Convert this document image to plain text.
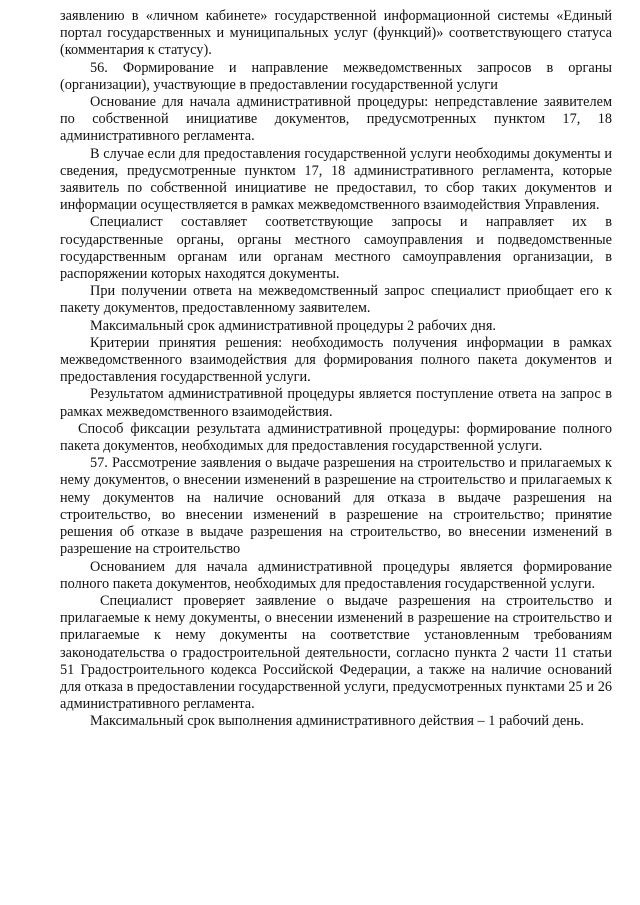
заявлению в «личном кабинете» государственной информационной системы «Единый портал государственных и муниципальных услуг (функций)» соответствующего статуса (комментария к статусу).

56. Формирование и направление межведомственных запросов в органы (организации), участвующие в предоставлении государственной услуги

Основание для начала административной процедуры: непредставление заявителем по собственной инициативе документов, предусмотренных пунктом 17, 18 административного регламента.

В случае если для предоставления государственной услуги необходимы документы и сведения, предусмотренные пунктом 17, 18 административного регламента, которые заявитель по собственной инициативе не предоставил, то сбор таких документов и информации осуществляется в рамках межведомственного взаимодействия Управления.

Специалист составляет соответствующие запросы и направляет их в государственные органы, органы местного самоуправления и подведомственные государственным органам или органам местного самоуправления организации, в распоряжении которых находятся документы.

При получении ответа на межведомственный запрос специалист приобщает его к пакету документов, предоставленному заявителем.

Максимальный срок административной процедуры 2 рабочих дня.

Критерии принятия решения: необходимость получения информации в рамках межведомственного взаимодействия для формирования полного пакета документов и предоставления государственной услуги.

Результатом административной процедуры является поступление ответа на запрос в рамках межведомственного взаимодействия.

Способ фиксации результата административной процедуры: формирование полного пакета документов, необходимых для предоставления государственной услуги.

57. Рассмотрение заявления о выдаче разрешения на строительство и прилагаемых к нему документов, о внесении изменений в разрешение на строительство и прилагаемых к нему документов на наличие оснований для отказа в выдаче разрешения на строительство, во внесении изменений в разрешение на строительство; принятие решения об отказе в выдаче разрешения на строительство, во внесении изменений в разрешение на строительство

Основанием для начала административной процедуры является формирование полного пакета документов, необходимых для предоставления государственной услуги.

Специалист проверяет заявление о выдаче разрешения на строительство и прилагаемые к нему документы, о внесении изменений в разрешение на строительство и прилагаемые к нему документы на соответствие установленным требованиям законодательства о градостроительной деятельности, согласно пункта 2 части 11 статьи 51 Градостроительного кодекса Российской Федерации, а также на наличие оснований для отказа в предоставлении государственной услуги, предусмотренных пунктами 25 и 26 административного регламента.

Максимальный срок выполнения административного действия – 1 рабочий день.
